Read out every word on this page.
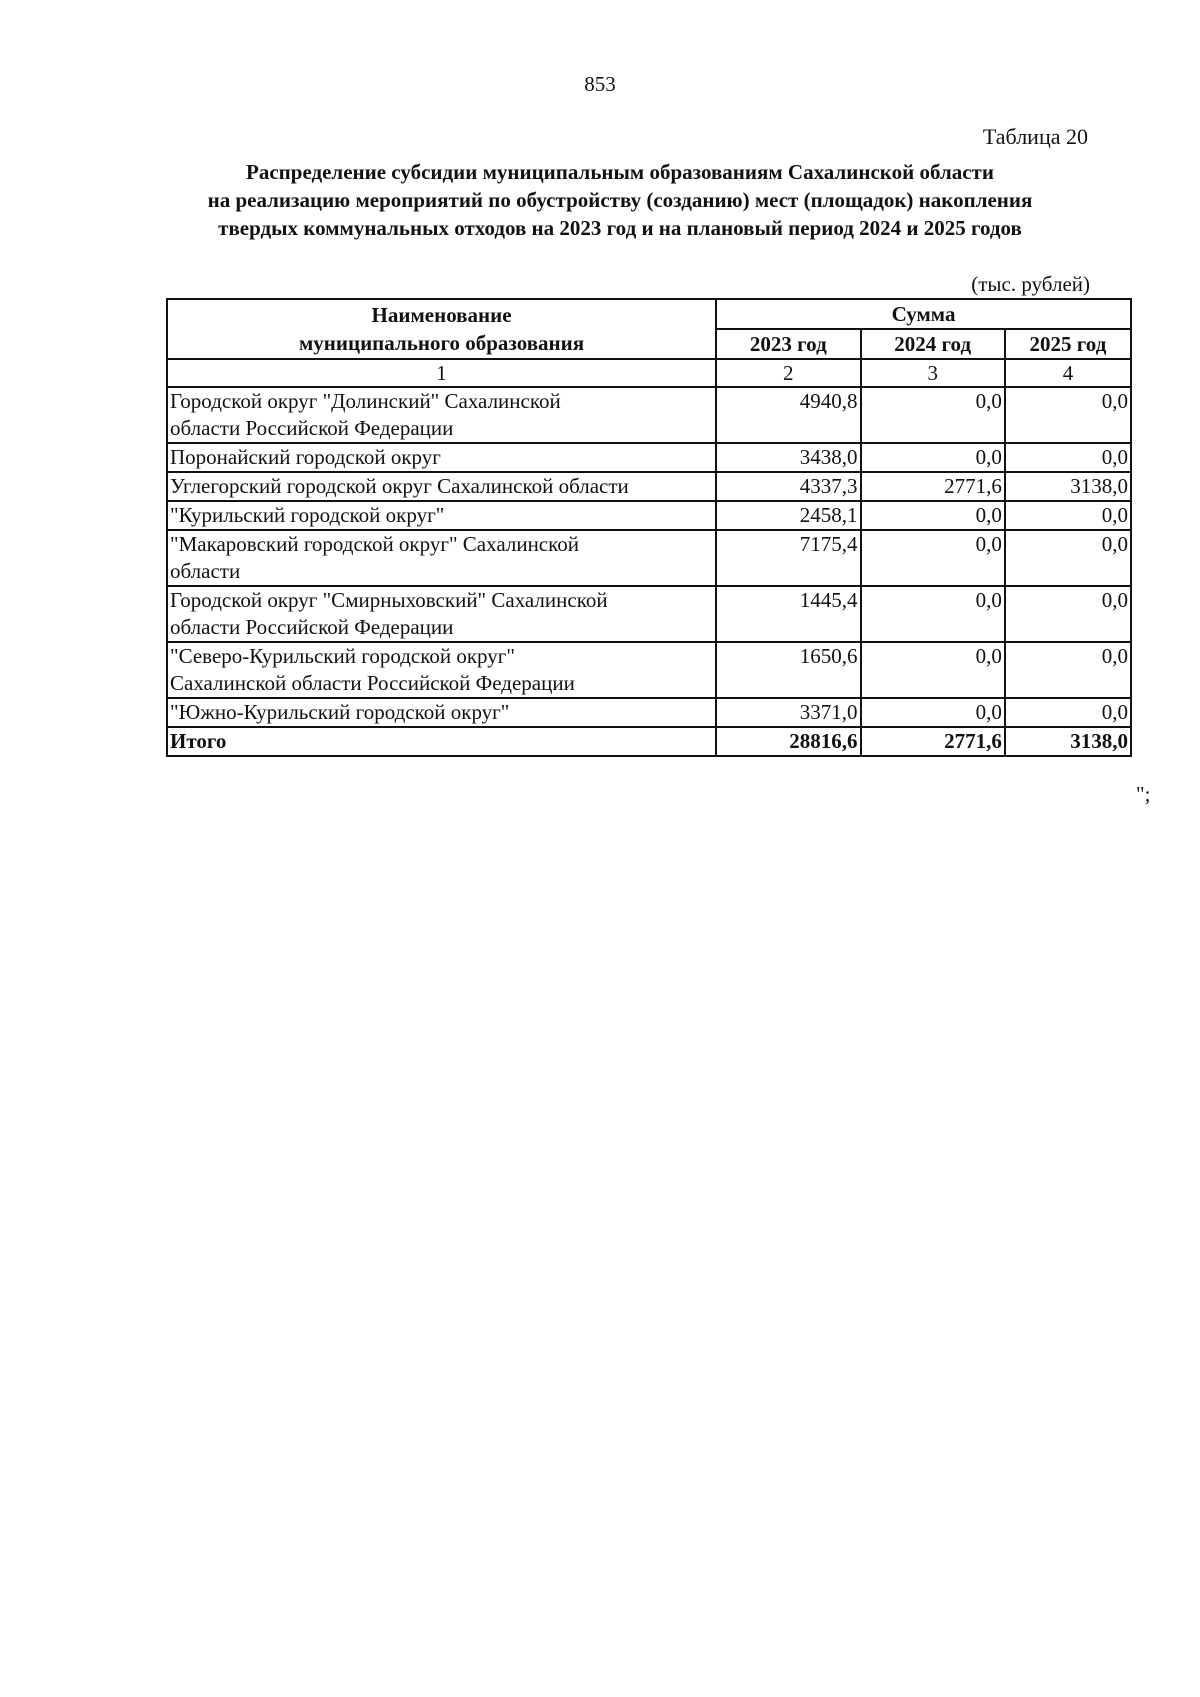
853
Таблица 20
Распределение субсидии муниципальным образованиям Сахалинской области
на реализацию мероприятий по обустройству (созданию) мест (площадок) накопления
твердых коммунальных отходов на 2023 год и на плановый период 2024 и 2025 годов
(тыс. рублей)
Наименование
муниципального образования	Сумма		
	2023 год	2024 год	2025 год
1	2	3	4

Городской округ "Долинский" Сахалинской
области Российской Федерации	4940,8	0,0	0,0

Поронайский городской округ	3438,0	0,0	0,0

Углегорский городской округ Сахалинской области	4337,3	2771,6	3138,0

"Курильский городской округ"	2458,1	0,0	0,0

"Макаровский городской округ" Сахалинской
области	7175,4	0,0	0,0

Городской округ "Смирныховский" Сахалинской
области Российской Федерации	1445,4	0,0	0,0

"Северо-Курильский городской округ"
Сахалинской области Российской Федерации	1650,6	0,0	0,0

"Южно-Курильский городской округ"	3371,0	0,0	0,0
Итого	28816,6	2771,6	3138,0
";
